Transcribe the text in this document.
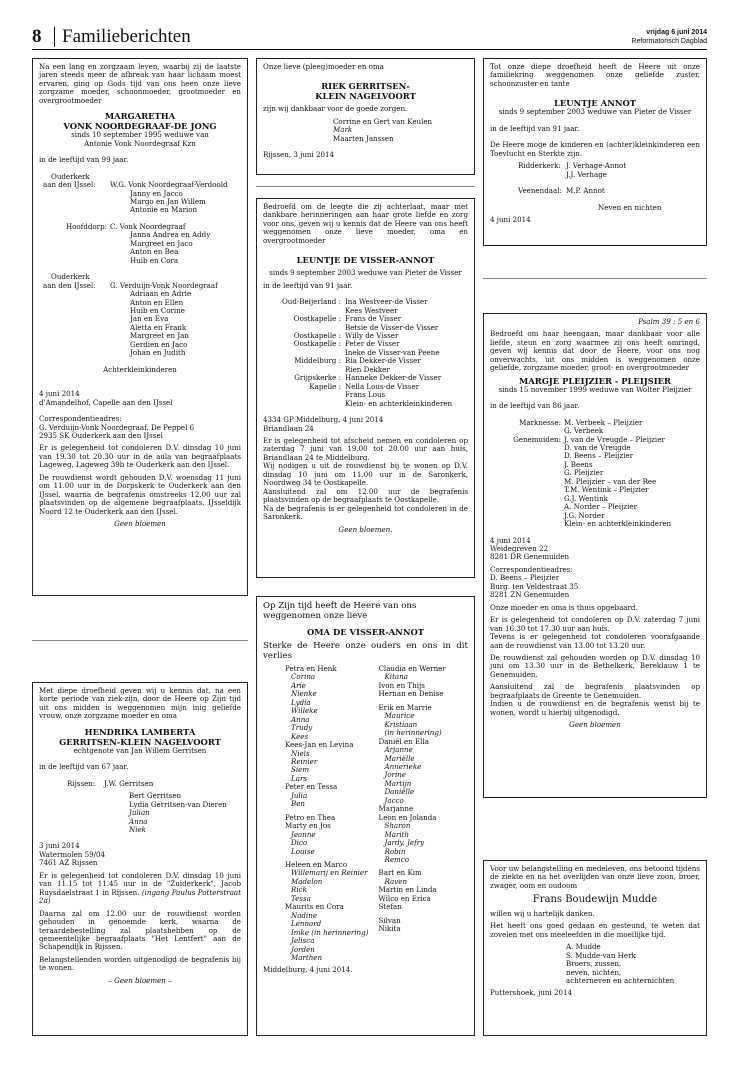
8 Familieberichten	vrijdag 6 juni 2014
Reformatorisch Dagblad

Na een lang en zorgzaam leven, waarbij zij de laatste jaren steeds meer de afbreak van haar lichaam moest ervaren, ging op Gods tijd van ons heen onze lieve zorgzame moeder, schoonmoeder, grootmoeder en overgrootmoeder

MARGARETHA

VONK NOORDEGRAAF-DE JONG

sinds 10 september 1995 weduwe van

Antonie Vonk Noordegraaf Kzn

in de leeftijd van 99 jaar.

Ouderkerk
aan den IJssel:	W.G. Vonk Noordegraaf-Verdoold
Janny en Jacco
Margo en Jan Willem
Antonie en Marion
Hoofddorp: C. Vonk Noordegraaf
Janna Andrea en Addy
Margreet en Jaco
Anton en Bea
Huib en Cora
Ouderkerk
aan den IJssel:	G. Verduijn-Vonk Noordegraaf
Adriaan en Adrie
Anton en Ellen
Huib en Corine
Jan en Eva
Aletta en Frank
Margreet en Jan
Gerdien en Jaco
Johan en Judith

Achterkleinkinderen

4 juni 2014

d'Amandelhof, Capelle aan den IJssel

Correspondentieadres:

G. Verduijn-Vonk Noordegraaf, De Peppel 6

2935 SK Ouderkerk aan den IJssel

Er is gelegenheid tot condoleren D.V. dinsdag 10 juni van 19.30 tot 20.30 uur in de aula van begraafplaats Lageweg, Lageweg 39b te Ouderkerk aan den IJssel.

De rouwdienst wordt gehouden D.V. woensdag 11 juni om 11.00 uur in de Dorpskerk te Ouderkerk aan den IJssel, waarna de begrafenis omstreeks 12.00 uur zal plaatsvinden op de algemene begraafplaats, IJsseldijk Noord 12 te Ouderkerk aan den IJssel.

Geen bloemen

Met diepe droefheid geven wij u kennis dat, na een korte periode van ziek-zijn, door de Heere op Zijn tijd uit ons midden is weggenomen mijn inig geliefde vrouw, onze zorgzame moeder en oma

HENDRIKA LAMBERTA

GERRITSEN-KLEIN NAGELVOORT

echtgenote van Jan Willem Gerritsen

in de leeftijd van 67 jaar.

Rijssen:	J.W. Gerritsen
Bert Gerritsen
Lydia Gerritsen-van Dieren
Julian
Anna
Niek

3 juni 2014

Watermolen 59/04

7461 AZ Rijssen

Er is gelegenheid tot condoleren D.V. dinsdag 10 juni van 11.15 tot 11.45 uur in de "Zuiderkerk", Jacob Ruysdaelstraat 1 in Rijssen. (ingang Paulus Potterstraat 2a)

Daarna zal om 12.00 uur de rouwdienst worden gehouden in genoemde kerk, waarna de teraardebestelling zal plaatshebben op de gemeentelijke begraafplaats "Het Lentfert" aan de Schapendijk in Rijssen.

Belangstellenden worden uitgenodigd de begrafenis bij te wonen.

– Geen bloemen –

Onze lieve (pleeg)moeder en oma

RIEK GERRITSEN-

KLEIN NAGELVOORT

zijn wij dankbaar voor de goede zorgen.

Corrine en Gert van Keulen
Mark
Maarten Janssen

Rijssen, 3 juni 2014

Bedroefd om de leegte die zij achterlaat, maar met dankbare herinneringen aan haar grote liefde en zorg voor ons, geven wij u kennis dat de Heere van ons heeft weggenomen onze lieve moeder, oma en overgrootmoeder

LEUNTJE DE VISSER-ANNOT

sinds 9 september 2003 weduwe van Pieter de Visser

in de leeftijd van 91 jaar.

Oud-Beijerland : Ina Westveer-de Visser
Kees Westveer
Oostkapelle : Frans de Visser
Betsie de Visser-de Visser
Oostkapelle : Willy de Visser
Oostkapelle : Peter de Visser
Ineke de Visser-van Peene
Middelburg : Ria Dekker-de Visser
Rien Dekker
Grijpskerke : Hanneke Dekker-de Visser
Kapelle : Nella Lous-de Visser
Frans Lous
Klein- en achterkleinkinderen

4334 GP Middelburg, 4 juni 2014

Briandlaan 24

Er is gelegenheid tot afscheid nemen en condoleren op zaterdag 7 juni van 19.00 tot 20.00 uur aan huis, Briandlaan 24 te Middelburg.

Wij nodigen u uit de rouwdienst bij te wonen op D.V. dinsdag 10 juni om 11.00 uur in de Saronkerk, Noordweg 34 te Oostkapelle.

Aansluitend zal om 12.00 uur de begrafenis plaatsvinden op de begraafplaats te Oostkapelle.

Na de begrafenis is er gelegenheid tot condoleren in de Saronkerk.

Geen bloemen.

Op Zijn tijd heeft de Heere van ons weggenomen onze lieve

OMA DE VISSER-ANNOT

Sterke de Heere onze ouders en ons in dit verlies

Petra en Henk
Corina
Arie
Nienke
Lydia
Willeke
Anna
Trudy
Kees
Kees-Jan en Levina
Niels
Reinier
Siem
Lars
Peter en Tessa
Julia
Ben
Petro en Thea
Marty en Jos
Jeanne
Dico
Louise
Heleen en Marco
Willemarij en Reinier
Madelon
Rick
Tessa
Maurits en Cora
Nadine
Lennard
Imke (in herinnering)
Jelisca
Jorden
Marthen
Claudia en Werner
Kitana
Ivon en Thijs
Hernan en Denise
Erik en Marrie
Maurice
Kristiaan
(in herinnering)
Daniël en Ella
Arjanne
Mariëlle
Annerieke
Jorine
Martijn
Daniëlle
Jacco
Marjanne
Leon en Jolanda
Sharon
Marith
Jardy, Jefry
Robin
Remco
Bart en Kim
Raven
Martin en Linda
Wilco en Erica
Stefan
Silvan
Nikita

Middelburg, 4 juni 2014.

Tot onze diepe droefheid heeft de Heere uit onze familiekring weggenomen onze geliefde zuster, schoonzuster en tante

LEUNTJE ANNOT

sinds 9 september 2003 weduwe van Pieter de Visser

in de leeftijd van 91 jaar.

De Heere moge de kinderen en (achter)kleinkinderen een Toevlucht en Sterkte zijn.

Ridderkerk: J. Verhage-Annot
J.J. Verhage
Veenendaal: M.P. Annot

Neven en nichten

4 juni 2014

Psalm 39 : 5 en 6

Bedroefd om haar heengaan, maar dankbaar voor alle liefde, steun en zorg waarmee zij ons heeft omringd, geven wij kennis dat door de Heere, voor ons nog onverwachts, uit ons midden is weggenomen onze geliefde, zorgzame moeder, groot- en overgrootmoeder

MARGJE PLEIJZIER - PLEIJSIER

sinds 15 november 1999 weduwe van Wolter Pleijzier

in de leeftijd van 86 jaar.

Marknesse: M. Verbeek – Pleijzier
G. Verbeek
Genemuiden: J. van de Vreugde – Pleijzier
D. van de Vreugde
D. Beens – Pleijzier
J. Beens
G. Pleijzier
M. Pleijzier – van der Ree
T.M. Wentink – Pleijzier
G.J. Wentink
A. Norder – Pleijzier
J.G. Norder
Klein- en achterkleinkinderen

4 juni 2014

Weidegreven 22

8281 DR Genemuiden

Correspondentieadres:

D. Beens – Pleijzier

Burg. ten Veldestraat 35

8281 ZN Genemuiden

Onze moeder en oma is thuis opgebaard.

Er is gelegenheid tot condoleren op D.V. zaterdag 7 juni van 16.30 tot 17.30 uur aan huis.

Tevens is er gelegenheid tot condoleren voorafgaande aan de rouwdienst van 13.00 tot 13.20 uur.

De rouwdienst zal gehouden worden op D.V. dinsdag 10 juni om 13.30 uur in de Bethelkerk, Bereklauw 1 te Genemuiden.

Aansluitend zal de begrafenis plaatsvinden op begraafplaats de Greente te Genemuiden.

Indien u de rouwdienst en de begrafenis wenst bij te wonen, wordt u hierbij uitgenodigd.

Geen bloemen

Voor uw belangstelling en medeleven, ons betoond tijdens de ziekte en na het overlijden van onze lieve zoon, broer, zwager, oom en oudoom

Frans Boudewijn Mudde

willen wij u hartelijk danken.

Het heeft ons goed gedaan en gesteund, te weten dat zovelen met ons meeleefden in die moeilijke tijd.

A. Mudde
S. Mudde-van Herk
Broers, zussen,
neven, nichten,
achterneven en achternichten

Puttershoek, juni 2014
